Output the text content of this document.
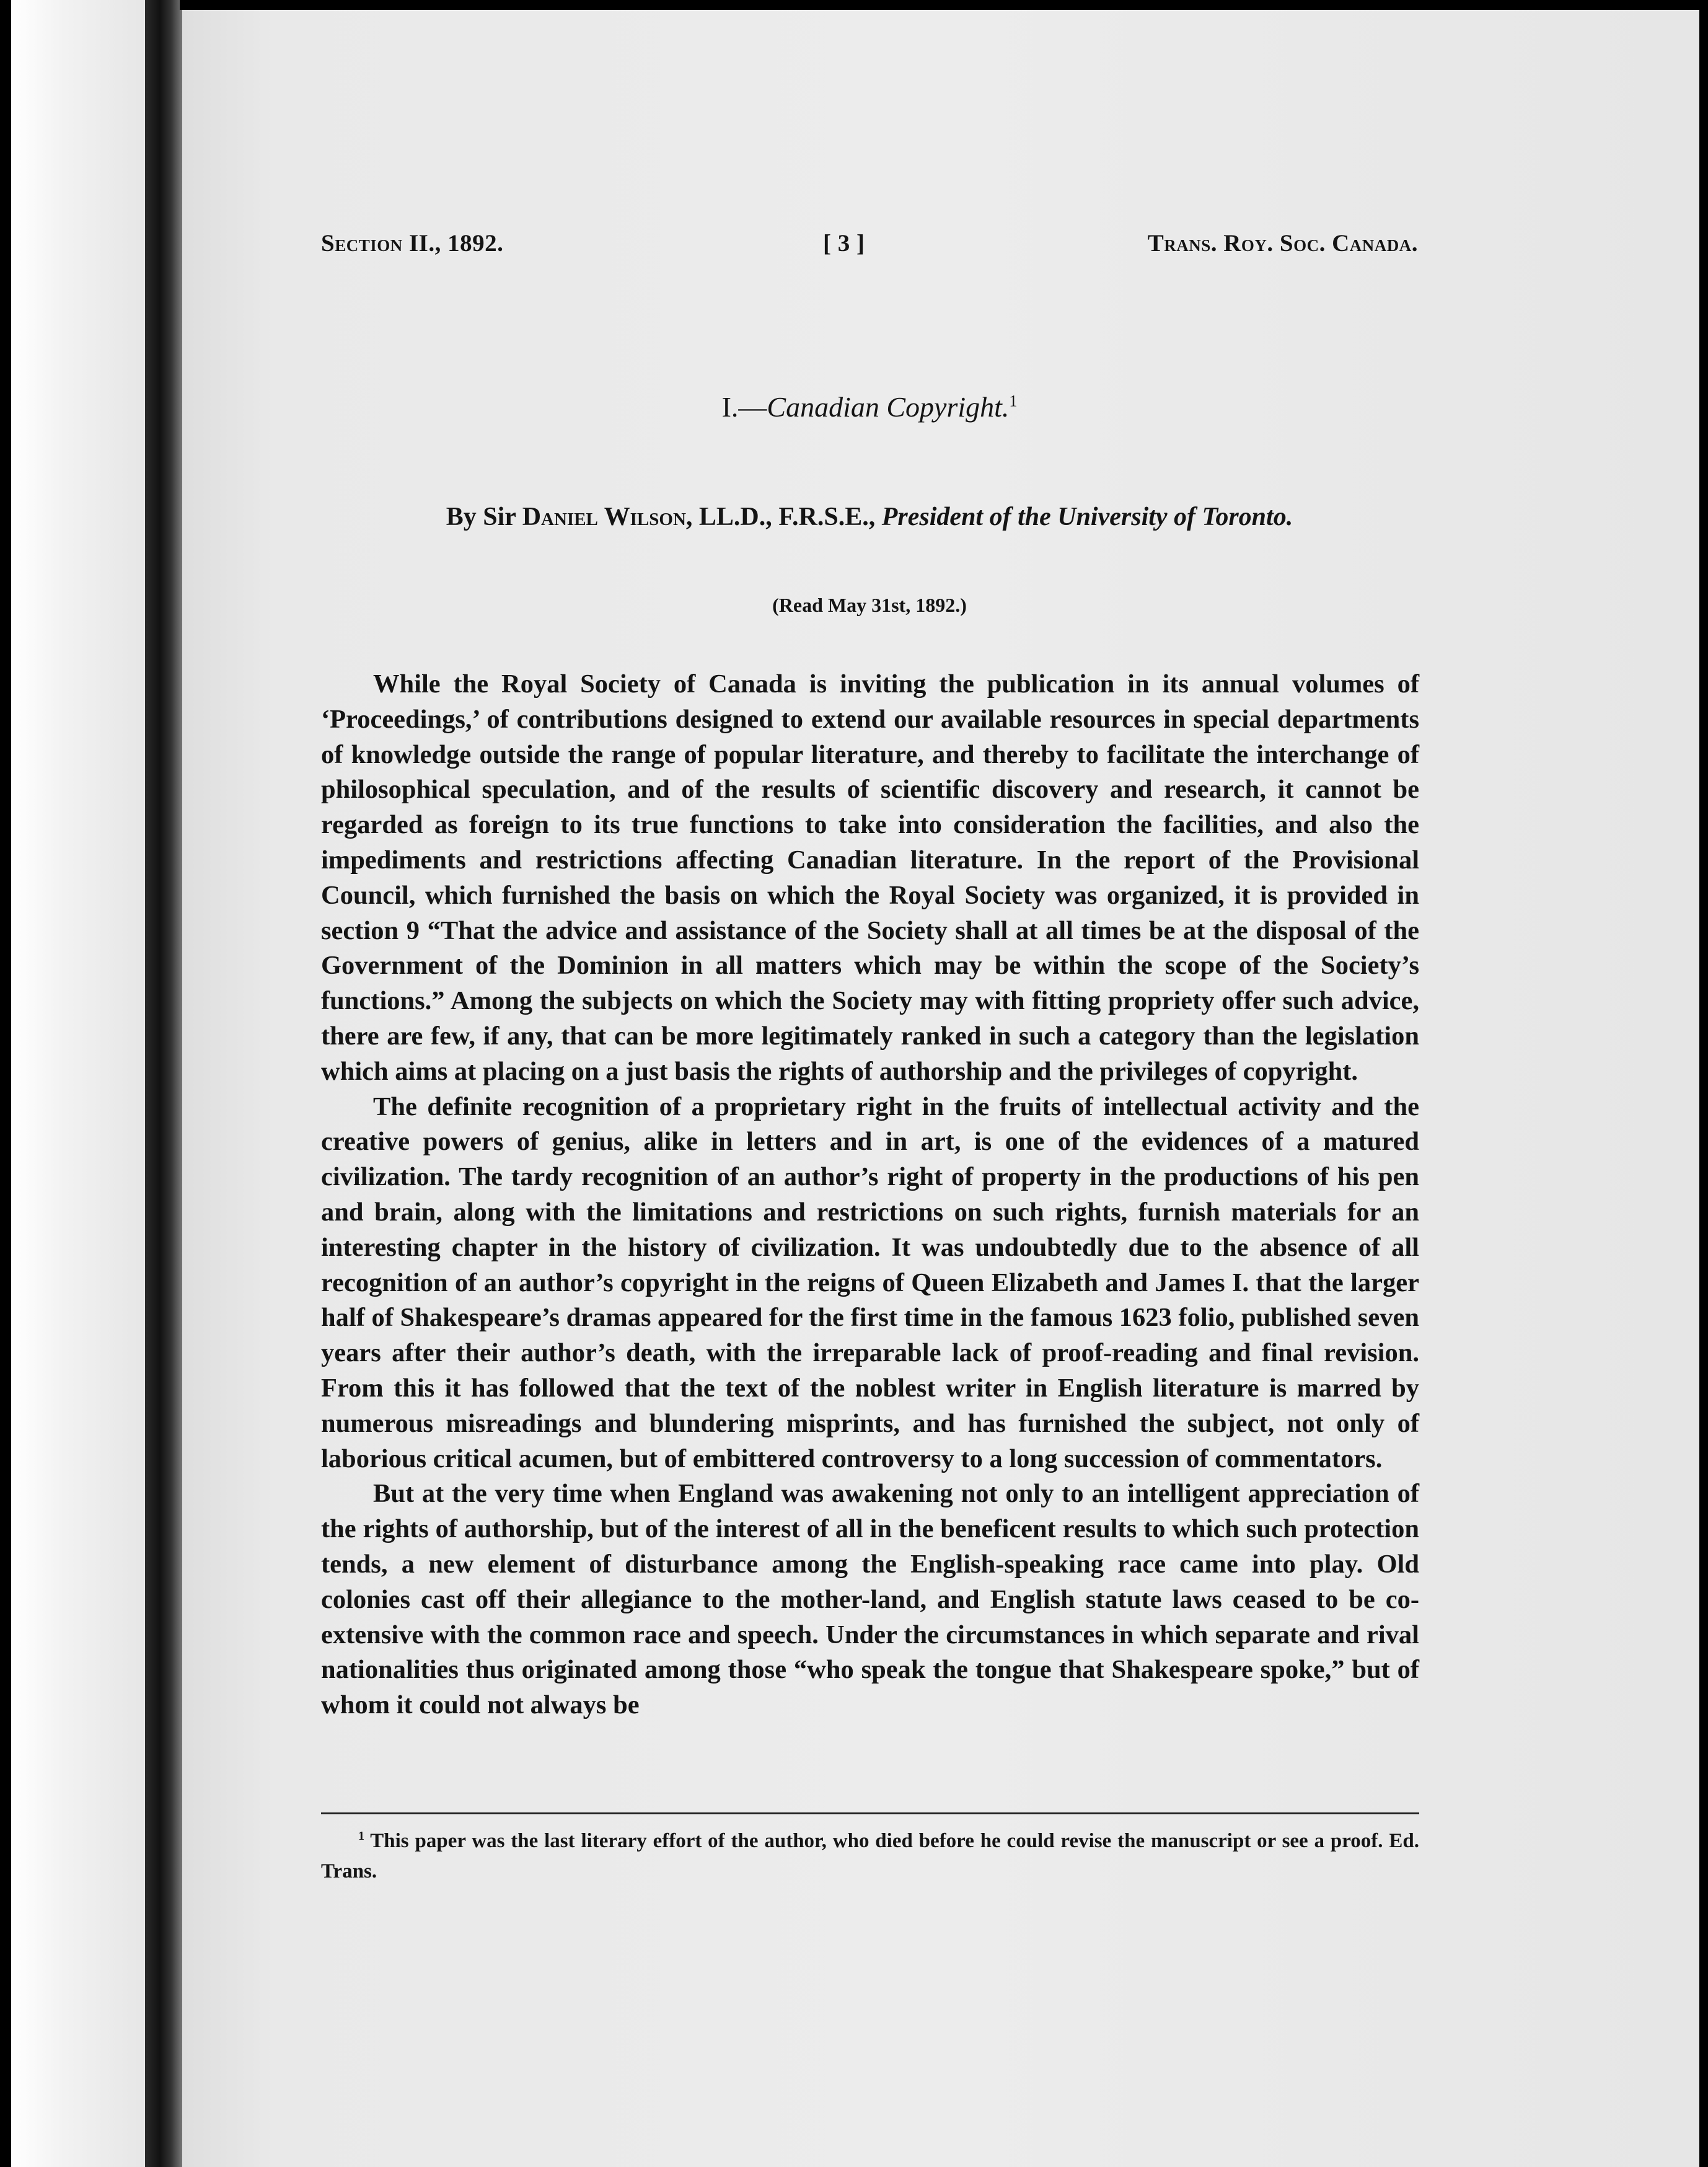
Section II., 1892.	[ 3 ]	Trans. Roy. Soc. Canada.
I.—Canadian Copyright.$^1$
By Sir Daniel Wilson, LL.D., F.R.S.E., President of the University of Toronto.
(Read May 31st, 1892.)

While the Royal Society of Canada is inviting the publication in its annual volumes of ‘Proceedings,’ of contributions designed to extend our available resources in special departments of knowledge outside the range of popular literature, and thereby to facilitate the interchange of philosophical speculation, and of the results of scientific discovery and research, it cannot be regarded as foreign to its true functions to take into consideration the facilities, and also the impediments and restrictions affecting Canadian literature. In the report of the Provisional Council, which furnished the basis on which the Royal Society was organized, it is provided in section 9 “That the advice and assistance of the Society shall at all times be at the disposal of the Government of the Dominion in all matters which may be within the scope of the Society’s functions.” Among the subjects on which the Society may with fitting propriety offer such advice, there are few, if any, that can be more legitimately ranked in such a category than the legislation which aims at placing on a just basis the rights of authorship and the privileges of copyright.

The definite recognition of a proprietary right in the fruits of intellectual activity and the creative powers of genius, alike in letters and in art, is one of the evidences of a matured civilization. The tardy recognition of an author’s right of property in the productions of his pen and brain, along with the limitations and restrictions on such rights, furnish materials for an interesting chapter in the history of civilization. It was undoubtedly due to the absence of all recognition of an author’s copyright in the reigns of Queen Elizabeth and James I. that the larger half of Shakespeare’s dramas appeared for the first time in the famous 1623 folio, published seven years after their author’s death, with the irreparable lack of proof-reading and final revision. From this it has followed that the text of the noblest writer in English literature is marred by numerous misreadings and blundering misprints, and has furnished the subject, not only of laborious critical acumen, but of embittered controversy to a long succession of commentators.

But at the very time when England was awakening not only to an intelligent appreciation of the rights of authorship, but of the interest of all in the beneficent results to which such protection tends, a new element of disturbance among the English-speaking race came into play. Old colonies cast off their allegiance to the mother-land, and English statute laws ceased to be co-extensive with the common race and speech. Under the circumstances in which separate and rival nationalities thus originated among those “who speak the tongue that Shakespeare spoke,” but of whom it could not always be

$^1$ This paper was the last literary effort of the author, who died before he could revise the manuscript or see a proof. Ed. Trans.
